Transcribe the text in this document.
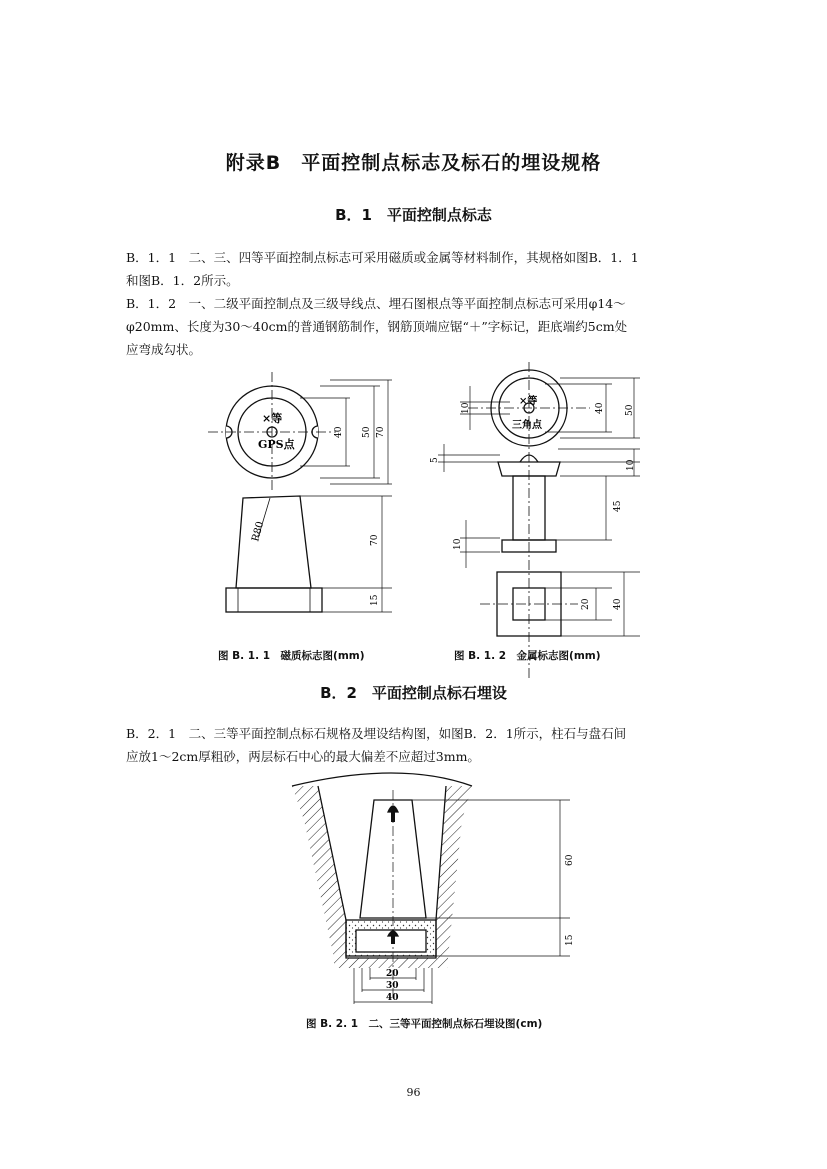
附录B　平面控制点标志及标石的埋设规格
B．1　平面控制点标志
B．1．1　二、三、四等平面控制点标志可采用磁质或金属等材料制作，其规格如图B．1．1
和图B．1．2所示。
B．1．2　一、二级平面控制点及三级导线点、埋石图根点等平面控制点标志可采用φ14～
φ20mm、长度为30～40cm的普通钢筋制作，钢筋顶端应锯“＋”字标记，距底端约5cm处
应弯成勾状。
×等
GPS点
R80
40 50 70
70
15
×等
三角点
10
5
40 50
10
45
10
20 40
60
15
20
30
40
图 B. 1. 1　磁质标志图(mm)	图 B. 1. 2　金属标志图(mm)
B．2　平面控制点标石埋设
B．2．1　二、三等平面控制点标石规格及埋设结构图，如图B．2．1所示，柱石与盘石间
应放1～2cm厚粗砂，两层标石中心的最大偏差不应超过3mm。
图 B. 2. 1　二、三等平面控制点标石埋设图(cm)
96
